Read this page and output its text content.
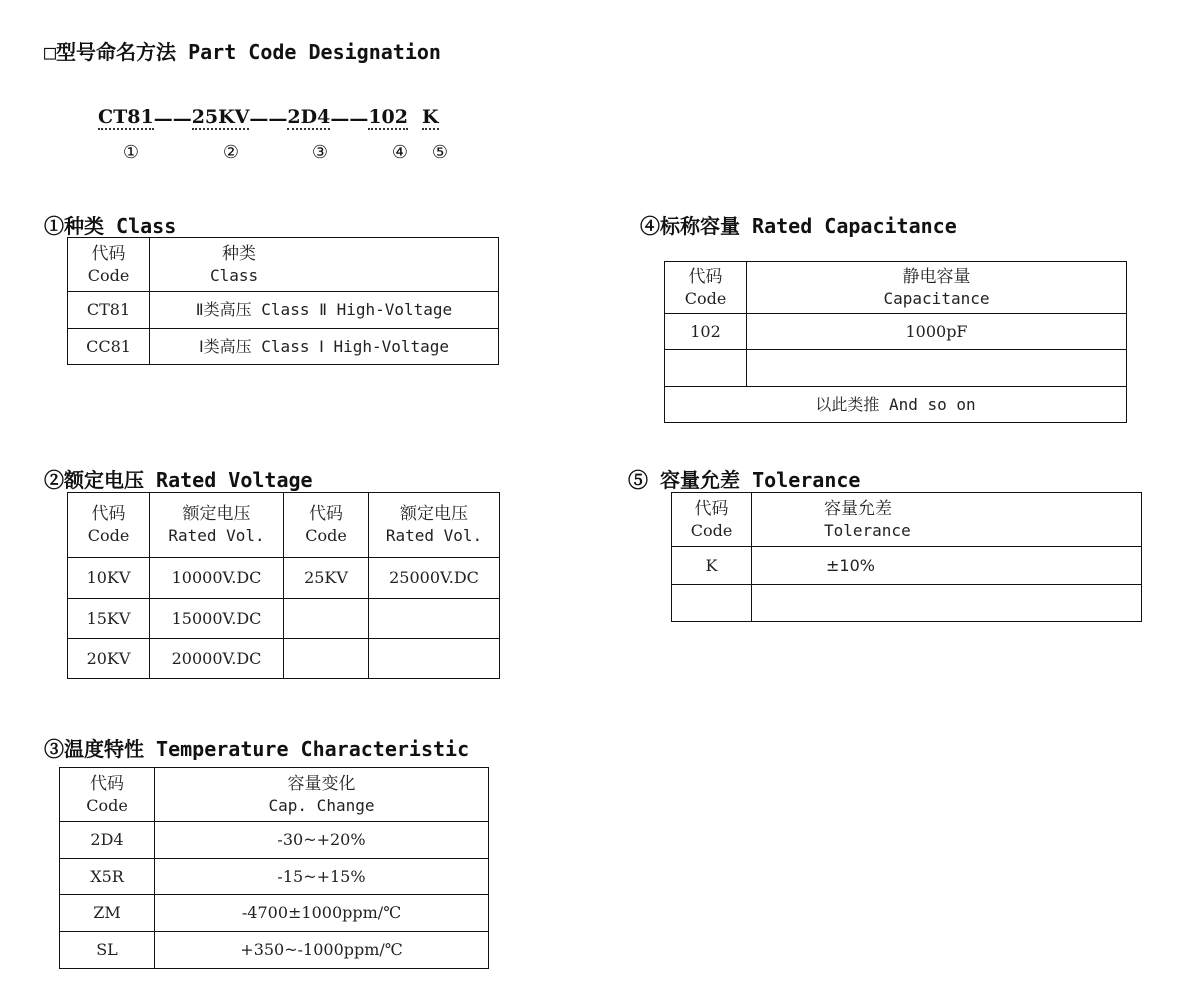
□型号命名方法 Part Code Designation
CT81 —— 25KV —— 2D4 —— 102 K
①	②	③	④ ⑤
①种类 Class
代码
Code	种类
Class

CT81	Ⅱ类高压 Class Ⅱ High-Voltage
CC81	Ⅰ类高压 Class Ⅰ High-Voltage
②额定电压 Rated Voltage
代码
Code	额定电压
Rated Vol.	代码
Code	额定电压
Rated Vol.

10KV	10000V.DC	25KV	25000V.DC
15KV	15000V.DC		
20KV	20000V.DC		
③温度特性 Temperature Characteristic
代码
Code	容量变化
Cap. Change

2D4	-30~+20%
X5R	-15~+15%
ZM	-4700±1000ppm/℃
SL	+350~-1000ppm/℃
④标称容量 Rated Capacitance
代码
Code	静电容量
Capacitance

102	1000pF

以此类推 And so on	
⑤ 容量允差 Tolerance
代码
Code	容量允差
Tolerance

K	±10%
